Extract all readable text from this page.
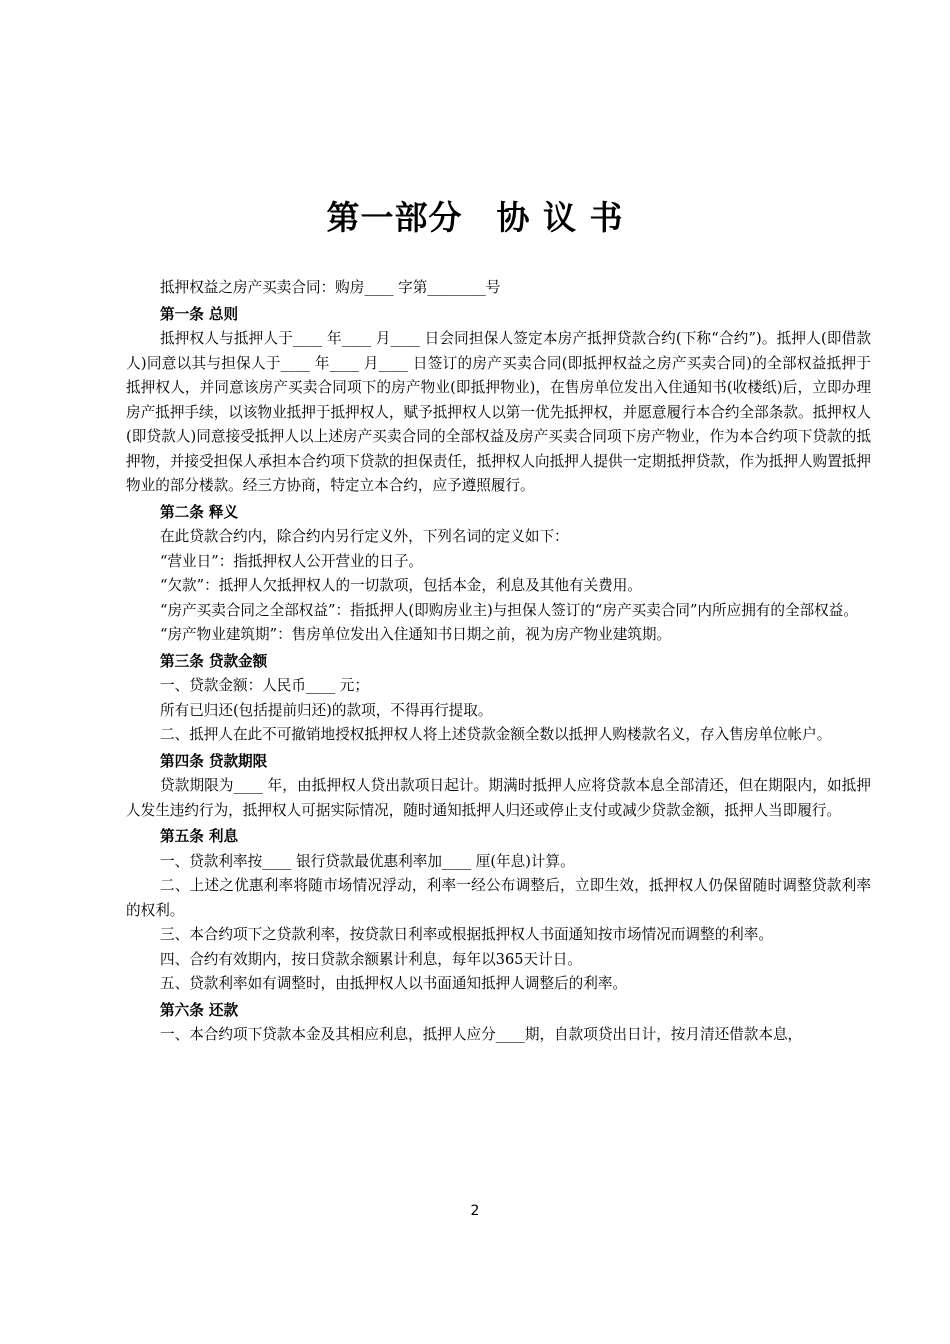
第一部分 协 议 书

抵押权益之房产买卖合同：购房____ 字第________号

第一条 总则

抵押权人与抵押人于____ 年____ 月____ 日会同担保人签定本房产抵押贷款合约(下称“合约”)。抵押人(即借款人)同意以其与担保人于____ 年____ 月____ 日签订的房产买卖合同(即抵押权益之房产买卖合同)的全部权益抵押于抵押权人，并同意该房产买卖合同项下的房产物业(即抵押物业)，在售房单位发出入住通知书(收楼纸)后，立即办理房产抵押手续，以该物业抵押于抵押权人，赋予抵押权人以第一优先抵押权，并愿意履行本合约全部条款。抵押权人(即贷款人)同意接受抵押人以上述房产买卖合同的全部权益及房产买卖合同项下房产物业，作为本合约项下贷款的抵押物，并接受担保人承担本合约项下贷款的担保责任，抵押权人向抵押人提供一定期抵押贷款，作为抵押人购置抵押物业的部分楼款。经三方协商，特定立本合约，应予遵照履行。

第二条 释义

在此贷款合约内，除合约内另行定义外，下列名词的定义如下：

“营业日”：指抵押权人公开营业的日子。

“欠款”：抵押人欠抵押权人的一切款项，包括本金，利息及其他有关费用。

“房产买卖合同之全部权益”：指抵押人(即购房业主)与担保人签订的“房产买卖合同”内所应拥有的全部权益。

“房产物业建筑期”：售房单位发出入住通知书日期之前，视为房产物业建筑期。

第三条 贷款金额

一、贷款金额：人民币____ 元；

所有已归还(包括提前归还)的款项，不得再行提取。

二、抵押人在此不可撤销地授权抵押权人将上述贷款金额全数以抵押人购楼款名义，存入售房单位帐户。

第四条 贷款期限

贷款期限为____ 年，由抵押权人贷出款项日起计。期满时抵押人应将贷款本息全部清还，但在期限内，如抵押人发生违约行为，抵押权人可据实际情况，随时通知抵押人归还或停止支付或减少贷款金额，抵押人当即履行。

第五条 利息

一、贷款利率按____ 银行贷款最优惠利率加____ 厘(年息)计算。

二、上述之优惠利率将随市场情况浮动，利率一经公布调整后，立即生效，抵押权人仍保留随时调整贷款利率的权利。

三、本合约项下之贷款利率，按贷款日利率或根据抵押权人书面通知按市场情况而调整的利率。

四、合约有效期内，按日贷款余额累计利息，每年以365天计日。

五、贷款利率如有调整时，由抵押权人以书面通知抵押人调整后的利率。

第六条 还款

一、本合约项下贷款本金及其相应利息，抵押人应分____期，自款项贷出日计，按月清还借款本息，

2
